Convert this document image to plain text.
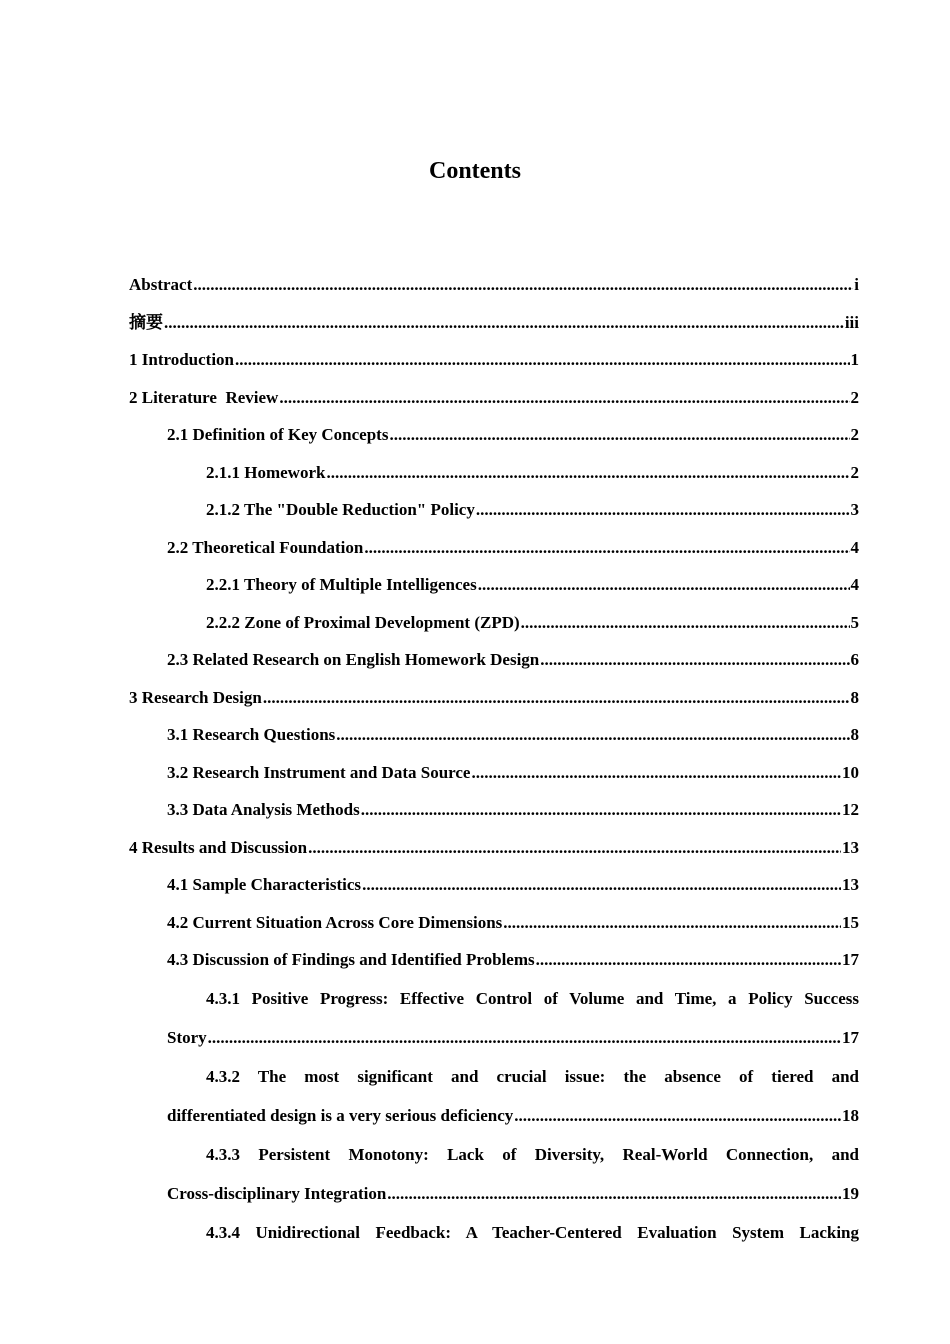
Contents
Abstract .....	i
摘要 .....	iii
1 Introduction .....	1
2 Literature  Review .....	2
2.1 Definition of Key Concepts .....	2
2.1.1 Homework .....	2
2.1.2 The "Double Reduction" Policy .....	3
2.2 Theoretical Foundation .....	4
2.2.1 Theory of Multiple Intelligences .....	4
2.2.2 Zone of Proximal Development (ZPD) .....	5
2.3 Related Research on English Homework Design .....	6
3 Research Design .....	8
3.1 Research Questions .....	8
3.2 Research Instrument and Data Source .....	10
3.3 Data Analysis Methods .....	12
4 Results and Discussion .....	13
4.1 Sample Characteristics .....	13
4.2 Current Situation Across Core Dimensions .....	15
4.3 Discussion of Findings and Identified Problems .....	17
4.3.1 Positive Progress: Effective Control of Volume and Time, a Policy Success
Story .....	17
4.3.2 The most significant and crucial issue: the absence of tiered and
differentiated design is a very serious deficiency .....	18
4.3.3 Persistent Monotony: Lack of Diversity, Real-World Connection, and
Cross-disciplinary Integration .....	19
4.3.4 Unidirectional Feedback: A Teacher-Centered Evaluation System Lacking
